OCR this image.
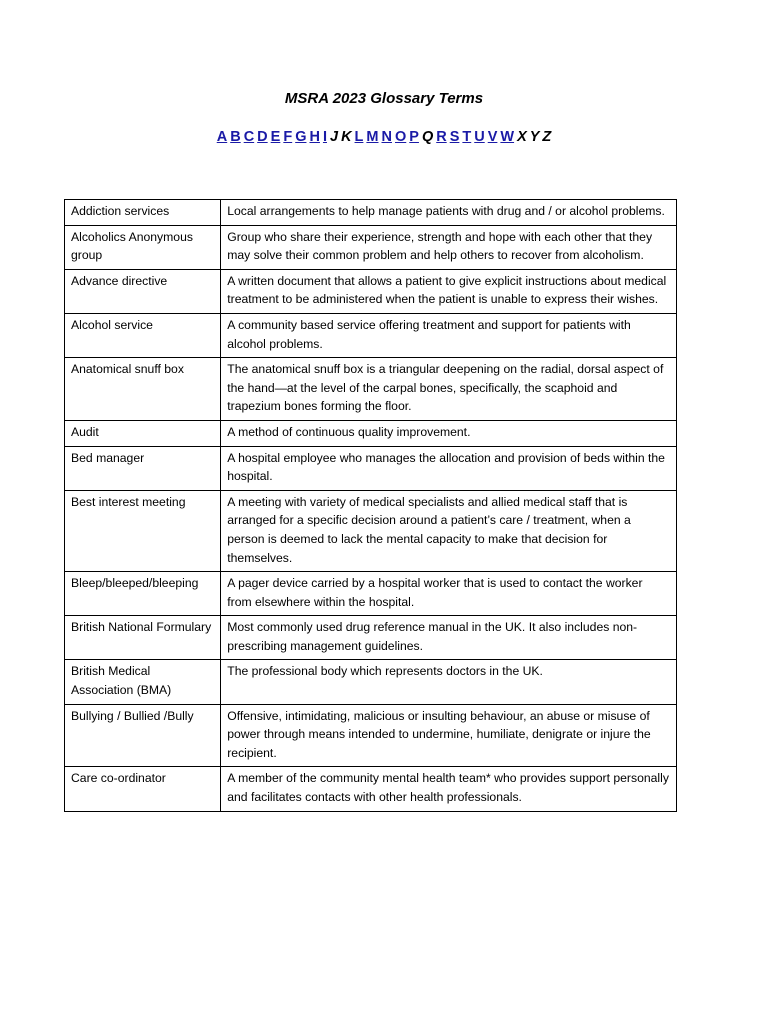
MSRA 2023 Glossary Terms
A B C D E F G H I J K L M N O P Q R S T U V W X Y Z
Addiction services	Local arrangements to help manage patients with drug and / or alcohol problems.
Alcoholics Anonymous group	Group who share their experience, strength and hope with each other that they may solve their common problem and help others to recover from alcoholism.
Advance directive	A written document that allows a patient to give explicit instructions about medical treatment to be administered when the patient is unable to express their wishes.
Alcohol service	A community based service offering treatment and support for patients with alcohol problems.
Anatomical snuff box	The anatomical snuff box is a triangular deepening on the radial, dorsal aspect of the hand—at the level of the carpal bones, specifically, the scaphoid and trapezium bones forming the floor.
Audit	A method of continuous quality improvement.
Bed manager	A hospital employee who manages the allocation and provision of beds within the hospital.
Best interest meeting	A meeting with variety of medical specialists and allied medical staff that is arranged for a specific decision around a patient’s care / treatment, when a person is deemed to lack the mental capacity to make that decision for themselves.
Bleep/bleeped/bleeping	A pager device carried by a hospital worker that is used to contact the worker from elsewhere within the hospital.
British National Formulary	Most commonly used drug reference manual in the UK. It also includes non-prescribing management guidelines.
British Medical Association (BMA)	The professional body which represents doctors in the UK.
Bullying / Bullied /Bully	Offensive, intimidating, malicious or insulting behaviour, an abuse or misuse of power through means intended to undermine, humiliate, denigrate or injure the recipient.
Care co-ordinator	A member of the community mental health team* who provides support personally and facilitates contacts with other health professionals.
